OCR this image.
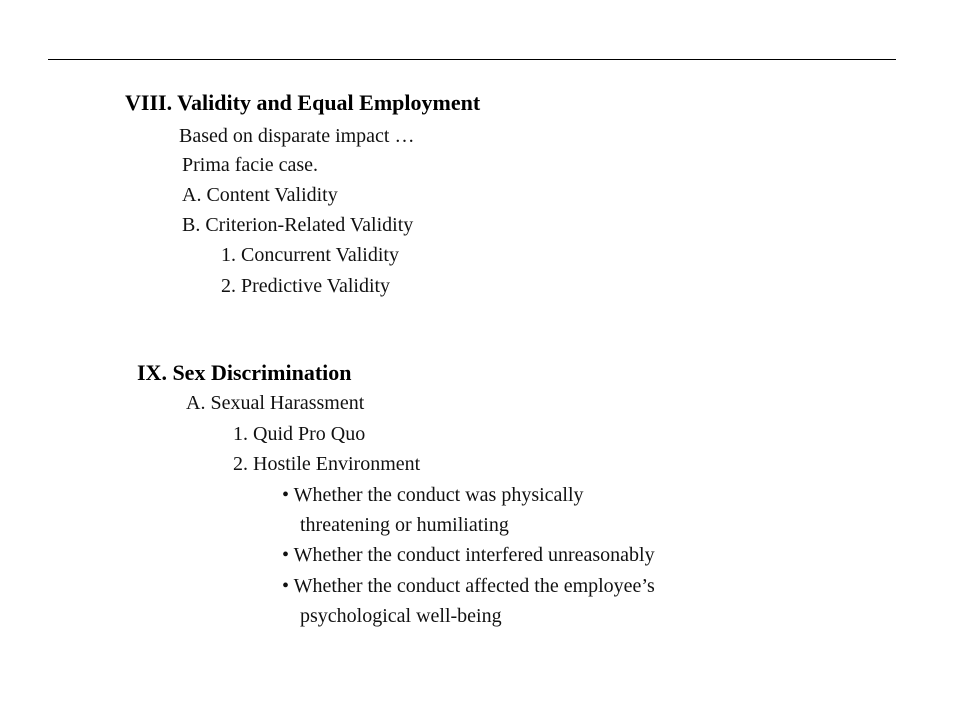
VIII. Validity and Equal Employment
Based on disparate impact …
Prima facie case.
A. Content Validity
B. Criterion-Related Validity
1. Concurrent Validity
2. Predictive Validity
IX. Sex Discrimination
A. Sexual Harassment
1. Quid Pro Quo
2. Hostile Environment
• Whether the conduct was physically
threatening or humiliating
• Whether the conduct interfered unreasonably
• Whether the conduct affected the employee’s
psychological well-being
